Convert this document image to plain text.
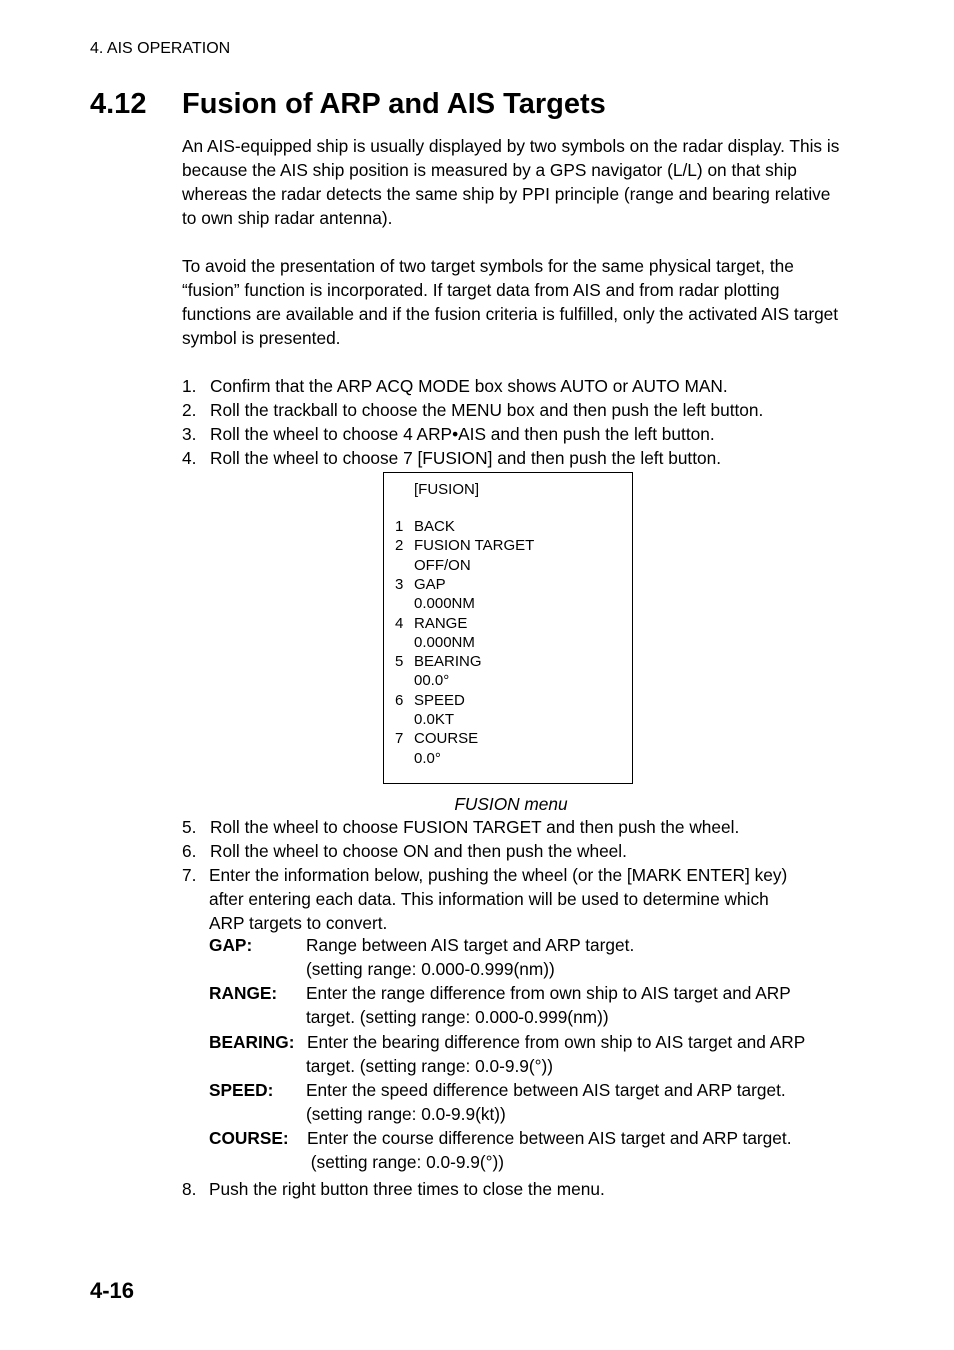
4. AIS OPERATION
4.12 Fusion of ARP and AIS Targets

An AIS-equipped ship is usually displayed by two symbols on the radar display. This is because the AIS ship position is measured by a GPS navigator (L/L) on that ship whereas the radar detects the same ship by PPI principle (range and bearing relative to own ship radar antenna).

To avoid the presentation of two target symbols for the same physical target, the “fusion” function is incorporated. If target data from AIS and from radar plotting functions are available and if the fusion criteria is fulfilled, only the activated AIS target symbol is presented.

1. Confirm that the ARP ACQ MODE box shows AUTO or AUTO MAN.
2. Roll the trackball to choose the MENU box and then push the left button.
3. Roll the wheel to choose 4 ARP•AIS and then push the left button.
4. Roll the wheel to choose 7 [FUSION] and then push the left button.
[FUSION]
1 BACK
2 FUSION TARGET
OFF/ON
3 GAP
0.000NM
4 RANGE
0.000NM
5 BEARING
00.0°
6 SPEED
0.0KT
7 COURSE
0.0°
FUSION menu
5. Roll the wheel to choose FUSION TARGET and then push the wheel.
6. Roll the wheel to choose ON and then push the wheel.
7. Enter the information below, pushing the wheel (or the [MARK ENTER] key)
after entering each data. This information will be used to determine which
ARP targets to convert.
GAP:	Range between AIS target and ARP target.
(setting range: 0.000-0.999(nm))
RANGE: Enter the range difference from own ship to AIS target and ARP
target. (setting range: 0.000-0.999(nm))
BEARING: Enter the bearing difference from own ship to AIS target and ARP
target. (setting range: 0.0-9.9(°))
SPEED: Enter the speed difference between AIS target and ARP target.
(setting range: 0.0-9.9(kt))
COURSE: Enter the course difference between AIS target and ARP target.
(setting range: 0.0-9.9(°))
8. Push the right button three times to close the menu.
4-16
